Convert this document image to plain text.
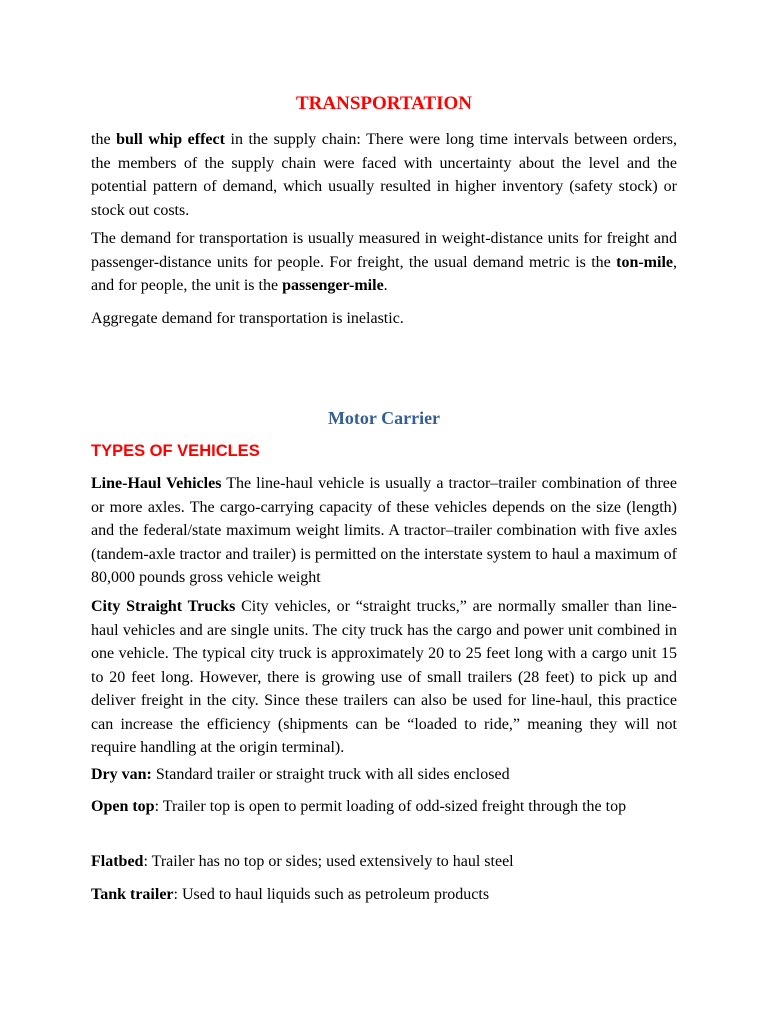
TRANSPORTATION

the bull whip effect in the supply chain: There were long time intervals between orders, the members of the supply chain were faced with uncertainty about the level and the potential pattern of demand, which usually resulted in higher inventory (safety stock) or stock out costs.

The demand for transportation is usually measured in weight-distance units for freight and passenger-distance units for people. For freight, the usual demand metric is the ton-mile, and for people, the unit is the passenger-mile.

Aggregate demand for transportation is inelastic.

Motor Carrier
TYPES OF VEHICLES

Line-Haul Vehicles The line-haul vehicle is usually a tractor–trailer combination of three or more axles. The cargo-carrying capacity of these vehicles depends on the size (length) and the federal/state maximum weight limits. A tractor–trailer combination with five axles (tandem-axle tractor and trailer) is permitted on the interstate system to haul a maximum of 80,000 pounds gross vehicle weight

City Straight Trucks City vehicles, or “straight trucks,” are normally smaller than line-haul vehicles and are single units. The city truck has the cargo and power unit combined in one vehicle. The typical city truck is approximately 20 to 25 feet long with a cargo unit 15 to 20 feet long. However, there is growing use of small trailers (28 feet) to pick up and deliver freight in the city. Since these trailers can also be used for line-haul, this practice can increase the efficiency (shipments can be “loaded to ride,” meaning they will not require handling at the origin terminal).

Dry van: Standard trailer or straight truck with all sides enclosed

Open top: Trailer top is open to permit loading of odd-sized freight through the top

Flatbed: Trailer has no top or sides; used extensively to haul steel

Tank trailer: Used to haul liquids such as petroleum products
